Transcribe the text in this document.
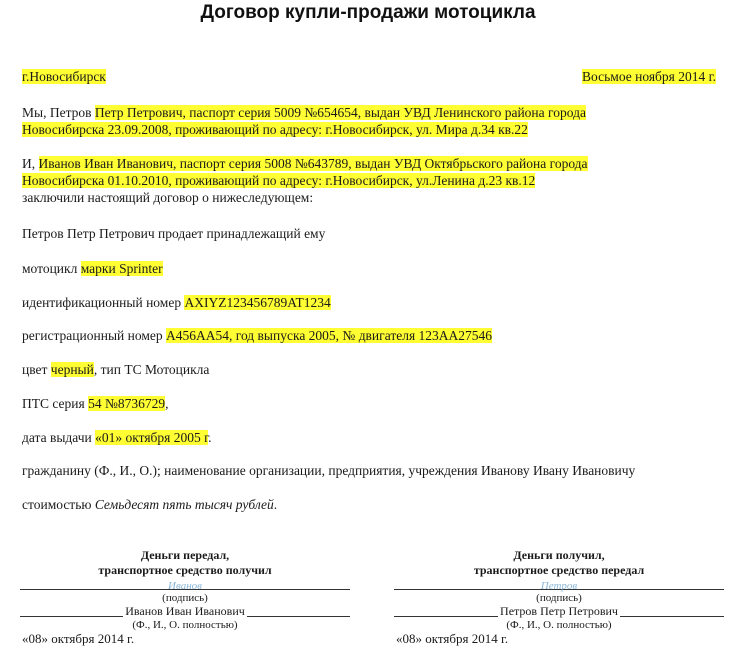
Договор купли-продажи мотоцикла
г.Новосибирск	Восьмое ноября 2014 г.
Мы, Петров Петр Петрович, паспорт серия 5009 №654654, выдан УВД Ленинского района города
Новосибирска 23.09.2008, проживающий по адресу: г.Новосибирск, ул. Мира д.34 кв.22
И, Иванов Иван Иванович, паспорт серия 5008 №643789, выдан УВД Октябрьского района города
Новосибирска 01.10.2010, проживающий по адресу: г.Новосибирск, ул.Ленина д.23 кв.12
заключили настоящий договор о нижеследующем:
Петров Петр Петрович продает принадлежащий ему
мотоцикл марки Sprinter
идентификационный номер AXIYZ123456789AT1234
регистрационный номер А456АА54, год выпуска 2005, № двигателя 123АА27546
цвет черный, тип ТС Мотоцикла
ПТС серия 54 №8736729,
дата выдачи «01» октября 2005 г.
гражданину (Ф., И., О.); наименование организации, предприятия, учреждения Иванову Ивану Ивановичу
стоимостью Семьдесят пять тысяч рублей.
Деньги передал,
транспортное средство получил
Иванов
(подпись)
Иванов Иван Иванович
(Ф., И., О. полностью)
«08» октября 2014 г.
Деньги получил,
транспортное средство передал
Петров
(подпись)
Петров Петр Петрович
(Ф., И., О. полностью)
«08» октября 2014 г.
